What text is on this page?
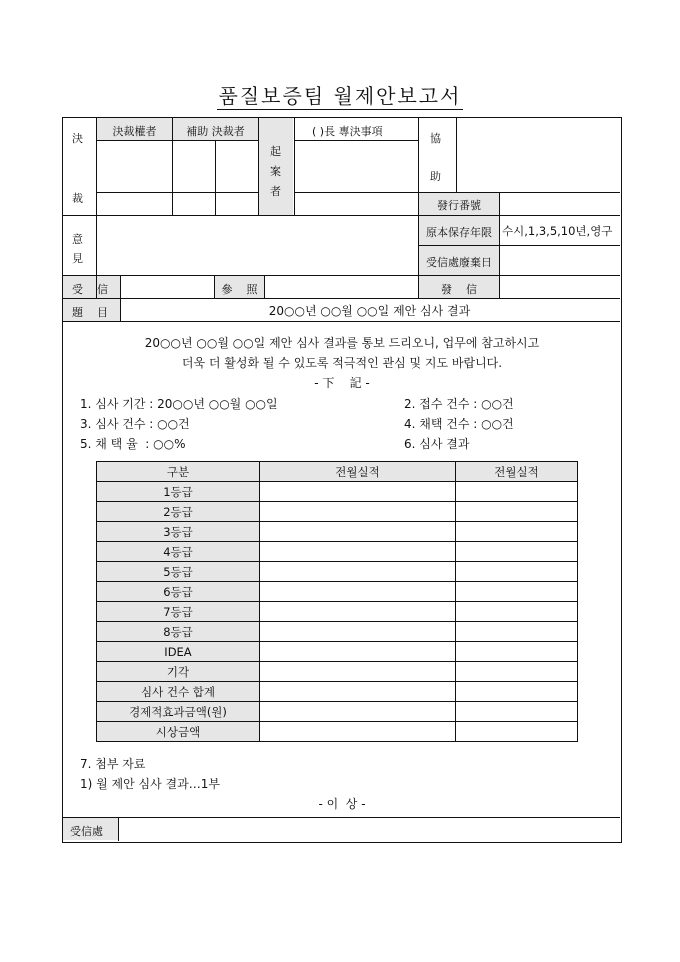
품질보증팀 월제안보고서
決
裁
決裁權者	補助 決裁者
起
案
者
( )長 專決事項
協
助
發行番號
意
見
原本保存年限 수시,1,3,5,10년,영구
受信處廢棄日
受    信	參    照	發    信
題    目	20○○년 ○○월 ○○일 제안 심사 결과
20○○년 ○○월 ○○일 제안 심사 결과를 통보 드리오니, 업무에 참고하시고
더욱 더 활성화 될 수 있도록 적극적인 관심 및 지도 바랍니다.
- 下    記 -
1. 심사 기간 : 20○○년 ○○월 ○○일	2. 접수 건수 : ○○건
3. 심사 건수 : ○○건	4. 채택 건수 : ○○건
5. 채 택 율  : ○○%	6. 심사 결과
구분	전월실적	전월실적
1등급		
2등급		
3등급		
4등급		
5등급		
6등급		
7등급		
8등급		
IDEA		
기각		
심사 건수 합계		
경제적효과금액(원)		
시상금액		
7. 첨부 자료
1) 월 제안 심사 결과…1부
- 이  상 -
受信處
